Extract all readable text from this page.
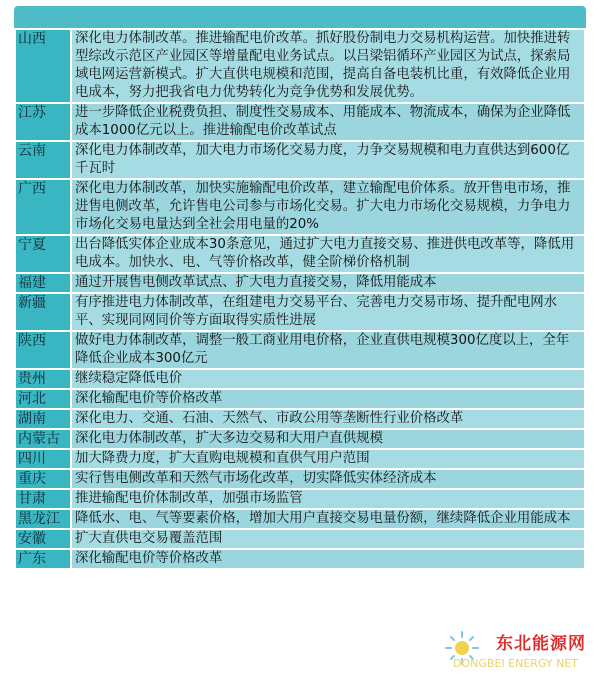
山西	深化电力体制改革。推进输配电价改革。抓好股份制电力交易机构运营。加快推进转型综改示范区产业园区等增量配电业务试点。以吕梁铝循环产业园区为试点，探索局域电网运营新模式。扩大直供电规模和范围，提高自备电装机比重，有效降低企业用电成本，努力把我省电力优势转化为竞争优势和发展优势。
江苏	进一步降低企业税费负担、制度性交易成本、用能成本、物流成本，确保为企业降低成本1000亿元以上。推进输配电价改革试点
云南	深化电力体制改革，加大电力市场化交易力度，力争交易规模和电力直供达到600亿千瓦时
广西	深化电力体制改革，加快实施输配电价改革，建立输配电价体系。放开售电市场，推进售电侧改革，允许售电公司参与市场化交易。扩大电力市场化交易规模，力争电力市场化交易电量达到全社会用电量的20%
宁夏	出台降低实体企业成本30条意见，通过扩大电力直接交易、推进供电改革等，降低用电成本。加快水、电、气等价格改革，健全阶梯价格机制
福建	通过开展售电侧改革试点、扩大电力直接交易，降低用能成本
新疆	有序推进电力体制改革，在组建电力交易平台、完善电力交易市场、提升配电网水平、实现同网同价等方面取得实质性进展
陕西	做好电力体制改革，调整一般工商业用电价格，企业直供电规模300亿度以上，全年降低企业成本300亿元
贵州	继续稳定降低电价
河北	深化输配电价等价格改革
湖南	深化电力、交通、石油、天然气、市政公用等垄断性行业价格改革
内蒙古	深化电力体制改革，扩大多边交易和大用户直供规模
四川	加大降费力度，扩大直购电规模和直供气用户范围
重庆	实行售电侧改革和天然气市场化改革，切实降低实体经济成本
甘肃	推进输配电价体制改革，加强市场监管
黑龙江	降低水、电、气等要素价格，增加大用户直接交易电量份额，继续降低企业用能成本
安徽	扩大直供电交易覆盖范围
广东	深化输配电价等价格改革
东北能源网
DONGBEI ENERGY NET
